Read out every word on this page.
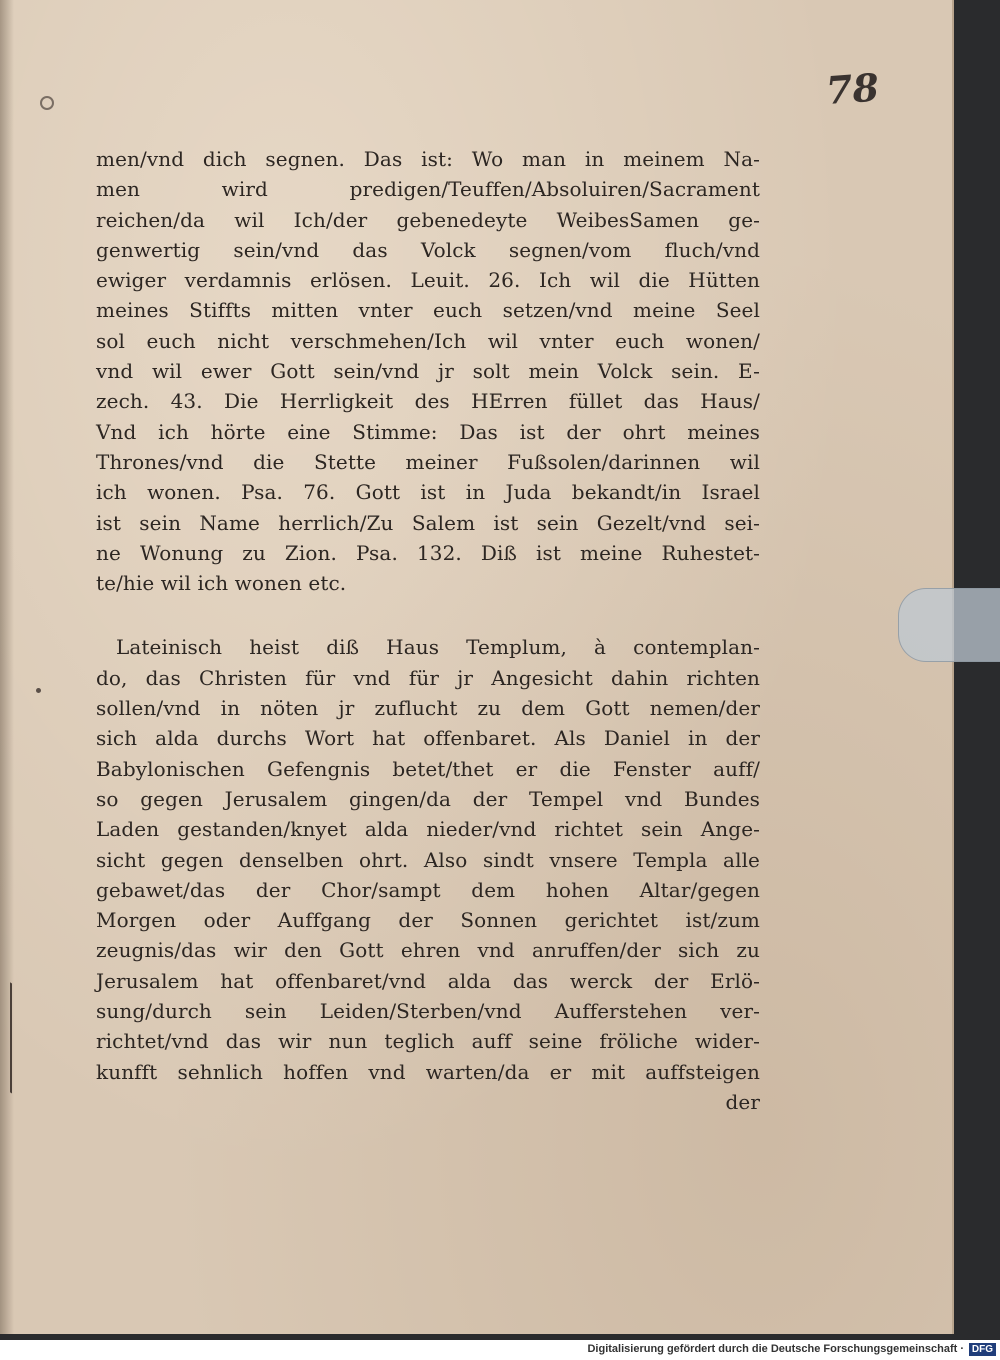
78
men/vnd dich segnen. Das ist: Wo man in meinem Na-
men wird predigen/Teuffen/Absoluiren/Sacrament
reichen/da wil Ich/der gebenedeyte WeibesSamen ge-
genwertig sein/vnd das Volck segnen/vom fluch/vnd
ewiger verdamnis erlösen. Leuit. 26. Ich wil die Hütten
meines Stiffts mitten vnter euch setzen/vnd meine Seel
sol euch nicht verschmehen/Ich wil vnter euch wonen/
vnd wil ewer Gott sein/vnd jr solt mein Volck sein. E-
zech. 43. Die Herrligkeit des HErren füllet das Haus/
Vnd ich hörte eine Stimme: Das ist der ohrt meines
Thrones/vnd die Stette meiner Fußsolen/darinnen wil
ich wonen. Psa. 76. Gott ist in Juda bekandt/in Israel
ist sein Name herrlich/Zu Salem ist sein Gezelt/vnd sei-
ne Wonung zu Zion. Psa. 132. Diß ist meine Ruhestet-
te/hie wil ich wonen etc.
Lateinisch heist diß Haus Templum, à contemplan-
do, das Christen für vnd für jr Angesicht dahin richten
sollen/vnd in nöten jr zuflucht zu dem Gott nemen/der
sich alda durchs Wort hat offenbaret. Als Daniel in der
Babylonischen Gefengnis betet/thet er die Fenster auff/
so gegen Jerusalem gingen/da der Tempel vnd Bundes
Laden gestanden/knyet alda nieder/vnd richtet sein Ange-
sicht gegen denselben ohrt. Also sindt vnsere Templa alle
gebawet/das der Chor/sampt dem hohen Altar/gegen
Morgen oder Auffgang der Sonnen gerichtet ist/zum
zeugnis/das wir den Gott ehren vnd anruffen/der sich zu
Jerusalem hat offenbaret/vnd alda das werck der Erlö-
sung/durch sein Leiden/Sterben/vnd Aufferstehen ver-
richtet/vnd das wir nun teglich auff seine fröliche wider-
kunfft sehnlich hoffen vnd warten/da er mit auffsteigen
der
Digitalisierung gefördert durch die Deutsche Forschungsgemeinschaft · DFG
